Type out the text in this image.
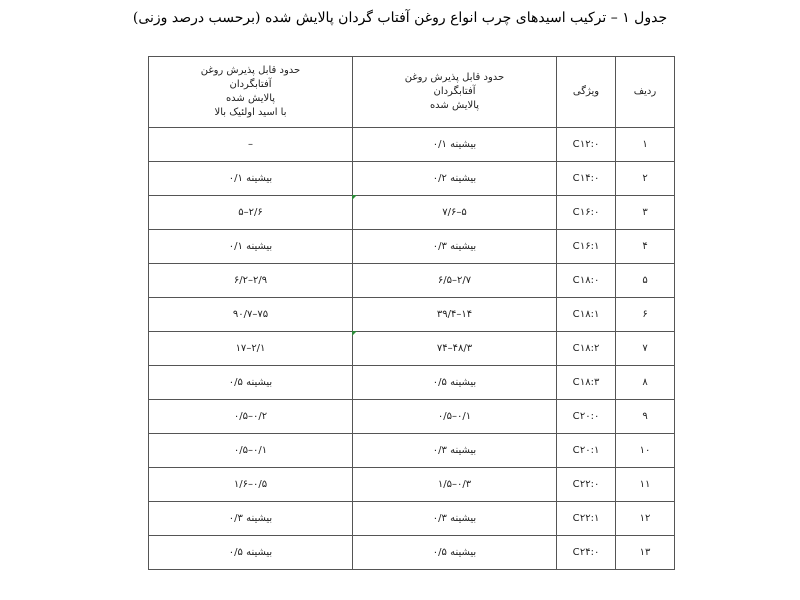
جدول ۱ – ترکیب اسیدهای چرب انواع روغن آفتاب گردان پالایش شده (برحسب درصد وزنی)
ردیف	ویژگی	حدود قابل پذیرش روغن
آفتابگردان
پالایش شده	حدود قابل پذیرش روغن
آفتابگردان
پالایش شده
با اسید اولئیک بالا

۱	C۱۲:۰	بیشینه ۰/۱	–
۲	C۱۴:۰	بیشینه ۰/۲	بیشینه ۰/۱
۳	C۱۶:۰	۵–۷/۶	۲/۶–۵
۴	C۱۶:۱	بیشینه ۰/۳	بیشینه ۰/۱
۵	C۱۸:۰	۲/۷–۶/۵	۲/۹–۶/۲
۶	C۱۸:۱	۱۴–۳۹/۴	۷۵–۹۰/۷
۷	C۱۸:۲	۴۸/۳–۷۴	۲/۱–۱۷
۸	C۱۸:۳	بیشینه ۰/۵	بیشینه ۰/۵
۹	C۲۰:۰	۰/۱–۰/۵	۰/۲–۰/۵
۱۰	C۲۰:۱	بیشینه ۰/۳	۰/۱–۰/۵
۱۱	C۲۲:۰	۰/۳–۱/۵	۰/۵–۱/۶
۱۲	C۲۲:۱	بیشینه ۰/۳	بیشینه ۰/۳
۱۳	C۲۴:۰	بیشینه ۰/۵	بیشینه ۰/۵
